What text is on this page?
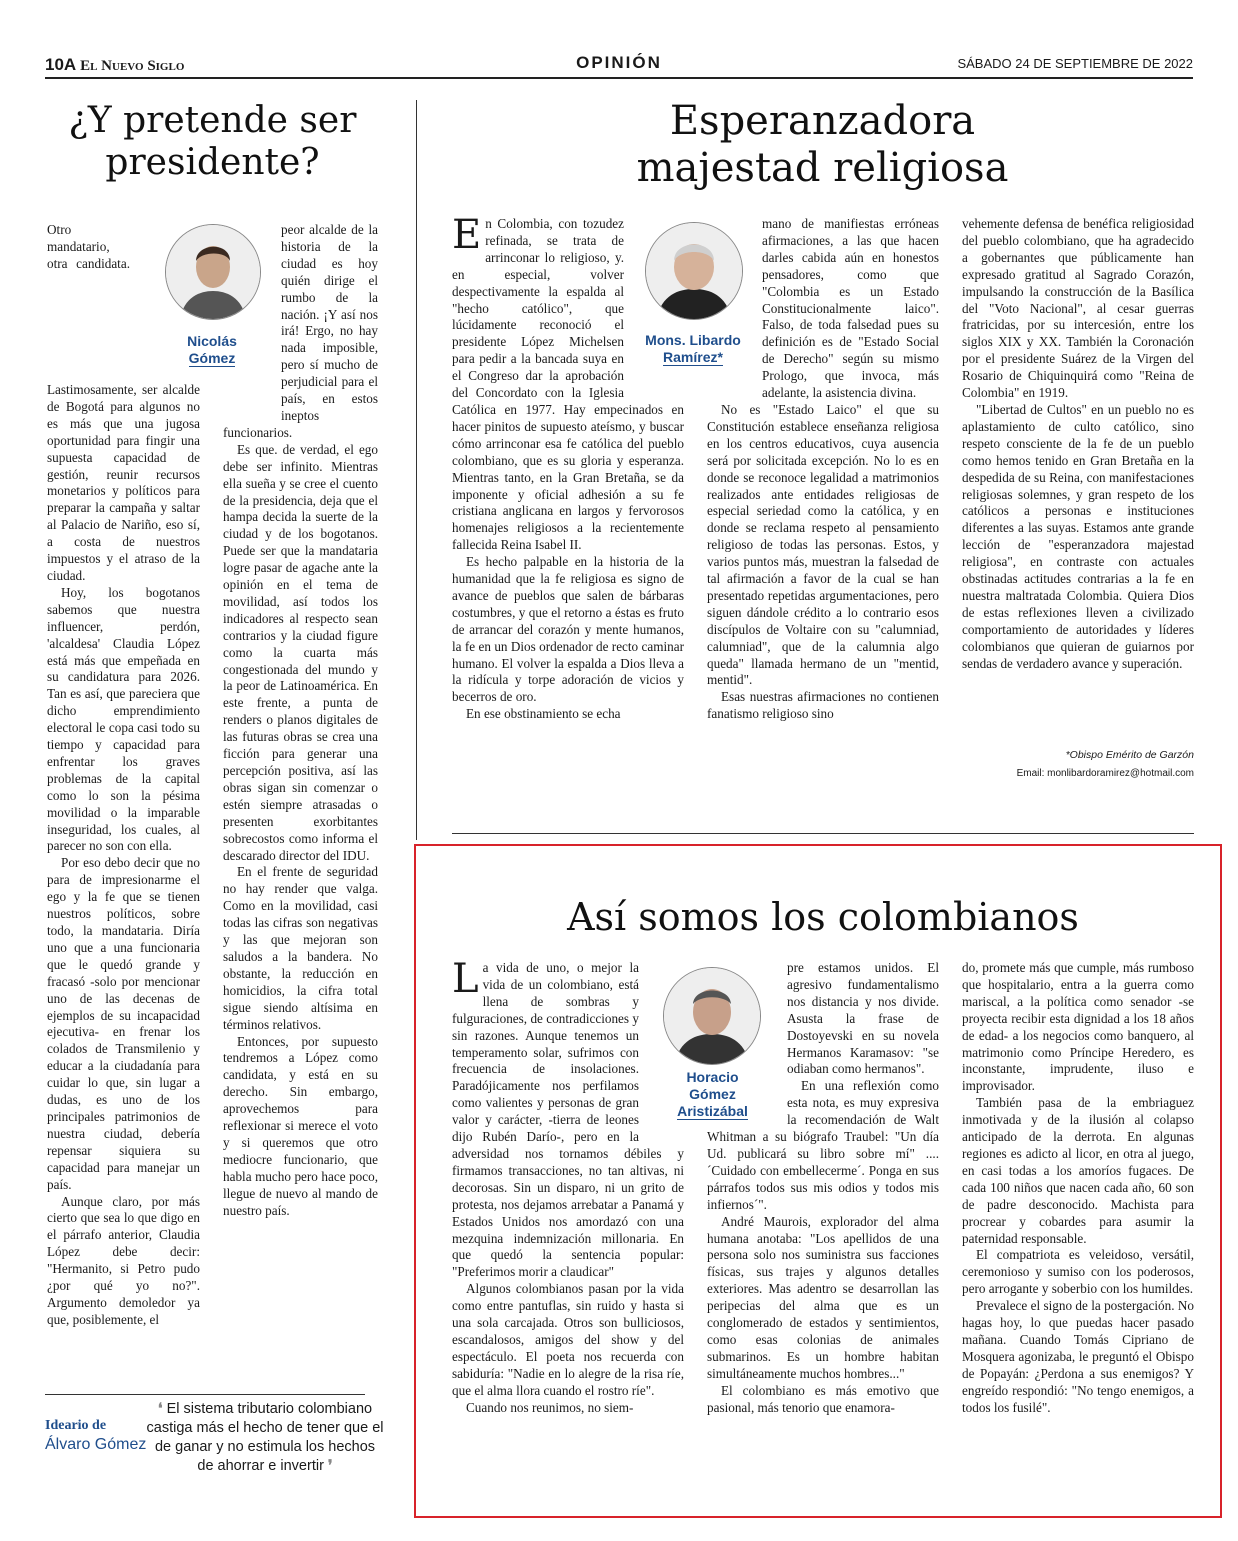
10A El Nuevo Siglo	OPINIÓN	SÁBADO 24 DE SEPTIEMBRE DE 2022
¿Y pretende ser presidente?
Nicolás
Gómez

Otro mandatario, otra candidata. Lastimosamente, ser alcalde de Bogotá para algunos no es más que una jugosa oportunidad para fingir una supuesta capacidad de gestión, reunir recursos monetarios y políticos para preparar la campaña y saltar al Palacio de Nariño, eso sí, a costa de nuestros impuestos y el atraso de la ciudad.

Hoy, los bogotanos sabemos que nuestra influencer, perdón, 'alcaldesa' Claudia López está más que empeñada en su candidatura para 2026. Tan es así, que pareciera que dicho emprendimiento electoral le copa casi todo su tiempo y capacidad para enfrentar los graves problemas de la capital como lo son la pésima movilidad o la imparable inseguridad, los cuales, al parecer no son con ella.

Por eso debo decir que no para de impresionarme el ego y la fe que se tienen nuestros políticos, sobre todo, la mandataria. Diría uno que a una funcionaria que le quedó grande y fracasó -solo por mencionar uno de las decenas de ejemplos de su incapacidad ejecutiva- en frenar los colados de Transmilenio y educar a la ciudadanía para cuidar lo que, sin lugar a dudas, es uno de los principales patrimonios de nuestra ciudad, debería repensar siquiera su capacidad para manejar un país.

Aunque claro, por más cierto que sea lo que digo en el párrafo anterior, Claudia López debe decir: "Hermanito, si Petro pudo ¿por qué yo no?". Argumento demoledor ya que, posiblemente, el

peor alcalde de la historia de la ciudad es hoy quién dirige el rumbo de la nación. ¡Y así nos irá! Ergo, no hay nada imposible, pero sí mucho de perjudicial para el país, en estos ineptos funcionarios.

Es que. de verdad, el ego debe ser infinito. Mientras ella sueña y se cree el cuento de la presidencia, deja que el hampa decida la suerte de la ciudad y de los bogotanos. Puede ser que la mandataria logre pasar de agache ante la opinión en el tema de movilidad, así todos los indicadores al respecto sean contrarios y la ciudad figure como la cuarta más congestionada del mundo y la peor de Latinoamérica. En este frente, a punta de renders o planos digitales de las futuras obras se crea una ficción para generar una percepción positiva, así las obras sigan sin comenzar o estén siempre atrasadas o presenten exorbitantes sobrecostos como informa el descarado director del IDU.

En el frente de seguridad no hay render que valga. Como en la movilidad, casi todas las cifras son negativas y las que mejoran son saludos a la bandera. No obstante, la reducción en homicidios, la cifra total sigue siendo altísima en términos relativos.

Entonces, por supuesto tendremos a López como candidata, y está en su derecho. Sin embargo, aprovechemos para reflexionar si merece el voto y si queremos que otro mediocre funcionario, que habla mucho pero hace poco, llegue de nuevo al mando de nuestro país.

Ideario de
Álvaro Gómez
❛ El sistema tributario colombiano castiga más el hecho de tener que el de ganar y no estimula los hechos de ahorrar e invertir ❜
Esperanzadora majestad religiosa
Mons. Libardo
Ramírez*

En Colombia, con tozudez refinada, se trata de arrinconar lo religioso, y. en especial, volver despectivamente la espalda al "hecho católico", que lúcidamente reconoció el presidente López Michelsen para pedir a la bancada suya en el Congreso dar la aprobación del Concordato con la Iglesia Católica en 1977. Hay empecinados en hacer pinitos de supuesto ateísmo, y buscar cómo arrinconar esa fe católica del pueblo colombiano, que es su gloria y esperanza. Mientras tanto, en la Gran Bretaña, se da imponente y oficial adhesión a su fe cristiana anglicana en largos y fervorosos homenajes religiosos a la recientemente fallecida Reina Isabel II.

Es hecho palpable en la historia de la humanidad que la fe religiosa es signo de avance de pueblos que salen de bárbaras costumbres, y que el retorno a éstas es fruto de arrancar del corazón y mente humanos, la fe en un Dios ordenador de recto caminar humano. El volver la espalda a Dios lleva a la ridícula y torpe adoración de vicios y becerros de oro.

En ese obstinamiento se echa

mano de manifiestas erróneas afirmaciones, a las que hacen darles cabida aún en honestos pensadores, como que "Colombia es un Estado Constitucionalmente laico". Falso, de toda falsedad pues su definición es de "Estado Social de Derecho" según su mismo Prologo, que invoca, más adelante, la asistencia divina.

No es "Estado Laico" el que su Constitución establece enseñanza religiosa en los centros educativos, cuya ausencia será por solicitada excepción. No lo es en donde se reconoce legalidad a matrimonios realizados ante entidades religiosas de especial seriedad como la católica, y en donde se reclama respeto al pensamiento religioso de todas las personas. Estos, y varios puntos más, muestran la falsedad de tal afirmación a favor de la cual se han presentado repetidas argumentaciones, pero siguen dándole crédito a lo contrario esos discípulos de Voltaire con su "calumniad, calumniad", que de la calumnia algo queda" llamada hermano de un "mentid, mentid".

Esas nuestras afirmaciones no contienen fanatismo religioso sino

vehemente defensa de benéfica religiosidad del pueblo colombiano, que ha agradecido a gobernantes que públicamente han expresado gratitud al Sagrado Corazón, impulsando la construcción de la Basílica del "Voto Nacional", al cesar guerras fratricidas, por su intercesión, entre los siglos XIX y XX. También la Coronación por el presidente Suárez de la Virgen del Rosario de Chiquinquirá como "Reina de Colombia" en 1919.

"Libertad de Cultos" en un pueblo no es aplastamiento de culto católico, sino respeto consciente de la fe de un pueblo como hemos tenido en Gran Bretaña en la despedida de su Reina, con manifestaciones religiosas solemnes, y gran respeto de los católicos a personas e instituciones diferentes a las suyas. Estamos ante grande lección de "esperanzadora majestad religiosa", en contraste con actuales obstinadas actitudes contrarias a la fe en nuestra maltratada Colombia. Quiera Dios de estas reflexiones lleven a civilizado comportamiento de autoridades y líderes colombianos que quieran de guiarnos por sendas de verdadero avance y superación.

*Obispo Emérito de Garzón
Email: monlibardoramirez@hotmail.com
Así somos los colombianos
Horacio
Gómez
Aristizábal

La vida de uno, o mejor la vida de un colombiano, está llena de sombras y fulguraciones, de contradicciones y sin razones. Aunque tenemos un temperamento solar, sufrimos con frecuencia de insolaciones. Paradójicamente nos perfilamos como valientes y personas de gran valor y carácter, -tierra de leones dijo Rubén Darío-, pero en la adversidad nos tornamos débiles y firmamos transacciones, no tan altivas, ni decorosas. Sin un disparo, ni un grito de protesta, nos dejamos arrebatar a Panamá y Estados Unidos nos amordazó con una mezquina indemnización millonaria. En que quedó la sentencia popular: "Preferimos morir a claudicar"

Algunos colombianos pasan por la vida como entre pantuflas, sin ruido y hasta si una sola carcajada. Otros son bulliciosos, escandalosos, amigos del show y del espectáculo. El poeta nos recuerda con sabiduría: "Nadie en lo alegre de la risa ríe, que el alma llora cuando el rostro ríe".

Cuando nos reunimos, no siem-

pre estamos unidos. El agresivo fundamentalismo nos distancia y nos divide. Asusta la frase de Dostoyevski en su novela Hermanos Karamasov: "se odiaban como hermanos".

En una reflexión como esta nota, es muy expresiva la recomendación de Walt Whitman a su biógrafo Traubel: "Un día Ud. publicará su libro sobre mí" .... ´Cuidado con embellecerme´. Ponga en sus párrafos todos sus mis odios y todos mis infiernos´".

André Maurois, explorador del alma humana anotaba: "Los apellidos de una persona solo nos suministra sus facciones físicas, sus trajes y algunos detalles exteriores. Mas adentro se desarrollan las peripecias del alma que es un conglomerado de estados y sentimientos, como esas colonias de animales submarinos. Es un hombre habitan simultáneamente muchos hombres..."

El colombiano es más emotivo que pasional, más tenorio que enamora-

do, promete más que cumple, más rumboso que hospitalario, entra a la guerra como mariscal, a la política como senador -se proyecta recibir esta dignidad a los 18 años de edad- a los negocios como banquero, al matrimonio como Príncipe Heredero, es inconstante, imprudente, iluso e improvisador.

También pasa de la embriaguez inmotivada y de la ilusión al colapso anticipado de la derrota. En algunas regiones es adicto al licor, en otra al juego, en casi todas a los amoríos fugaces. De cada 100 niños que nacen cada año, 60 son de padre desconocido. Machista para procrear y cobardes para asumir la paternidad responsable.

El compatriota es veleidoso, versátil, ceremonioso y sumiso con los poderosos, pero arrogante y soberbio con los humildes.

Prevalece el signo de la postergación. No hagas hoy, lo que puedas hacer pasado mañana. Cuando Tomás Cipriano de Mosquera agonizaba, le preguntó el Obispo de Popayán: ¿Perdona a sus enemigos? Y engreído respondió: "No tengo enemigos, a todos los fusilé".
